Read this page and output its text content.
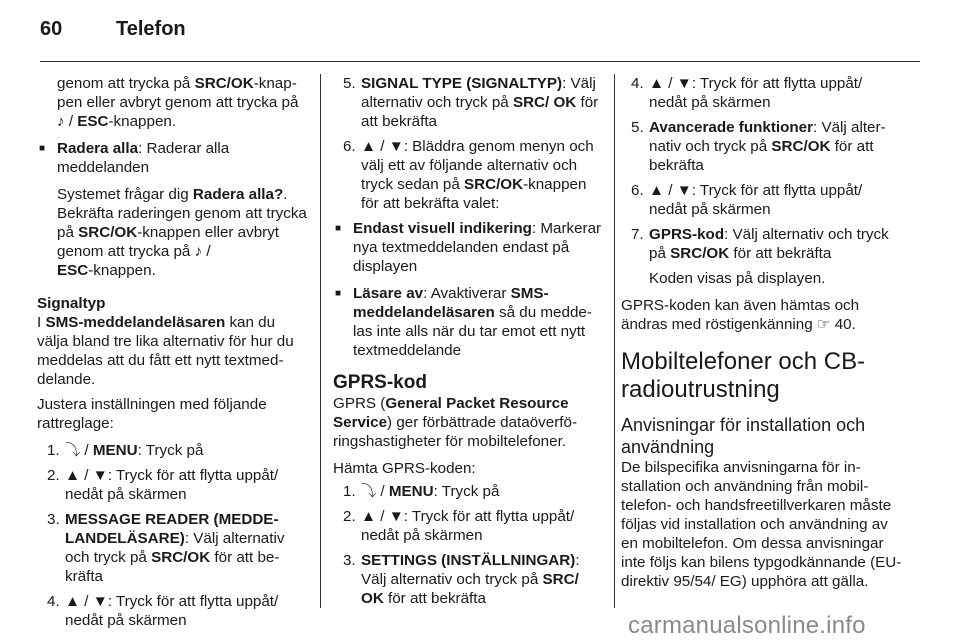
60	Telefon

genom att trycka på SRC/OK-knappen eller avbryt genom att trycka på ♪ / ESC-knappen.

■ Radera alla: Raderar alla meddelanden

Systemet frågar dig Radera alla?. Bekräfta raderingen genom att trycka på SRC/OK-knappen eller avbryt genom att trycka på ♪ /
ESC-knappen.

Signaltyp
I SMS-meddelandeläsaren kan du välja bland tre lika alternativ för hur du meddelas att du fått ett nytt textmeddelande.

Justera inställningen med följande rattreglage:

1. ⤵ / MENU: Tryck på
2. ▲ / ▼: Tryck för att flytta uppåt/ nedåt på skärmen
3. MESSAGE READER (MEDDELANDELÄSARE): Välj alternativ och tryck på SRC/OK för att bekräfta
4. ▲ / ▼: Tryck för att flytta uppåt/ nedåt på skärmen
5. SIGNAL TYPE (SIGNALTYP): Välj alternativ och tryck på SRC/ OK för att bekräfta
6. ▲ / ▼: Bläddra genom menyn och välj ett av följande alternativ och tryck sedan på SRC/OK-knappen för att bekräfta valet:
■ Endast visuell indikering: Markerar nya textmeddelanden endast på displayen
■ Läsare av: Avaktiverar SMS-meddelandeläsaren så du meddelas inte alls när du tar emot ett nytt textmeddelande
GPRS-kod

GPRS (General Packet Resource Service) ger förbättrade dataöverföringshastigheter för mobiltelefoner.

Hämta GPRS-koden:

1. ⤵ / MENU: Tryck på
2. ▲ / ▼: Tryck för att flytta uppåt/ nedåt på skärmen
3. SETTINGS (INSTÄLLNINGAR): Välj alternativ och tryck på SRC/ OK för att bekräfta
4. ▲ / ▼: Tryck för att flytta uppåt/ nedåt på skärmen
5. Avancerade funktioner: Välj alternativ och tryck på SRC/OK för att bekräfta
6. ▲ / ▼: Tryck för att flytta uppåt/ nedåt på skärmen
7. GPRS-kod: Välj alternativ och tryck på SRC/OK för att bekräfta

Koden visas på displayen.

GPRS-koden kan även hämtas och ändras med röstigenkänning ☞ 40.

Mobiltelefoner och CB-radioutrustning
Anvisningar för installation och användning

De bilspecifika anvisningarna för installation och användning från mobiltelefon- och handsfreetillverkaren måste följas vid installation och användning av en mobiltelefon. Om dessa anvisningar inte följs kan bilens typgodkännande (EU-direktiv 95/54/ EG) upphöra att gälla.

carmanualsonline.info
